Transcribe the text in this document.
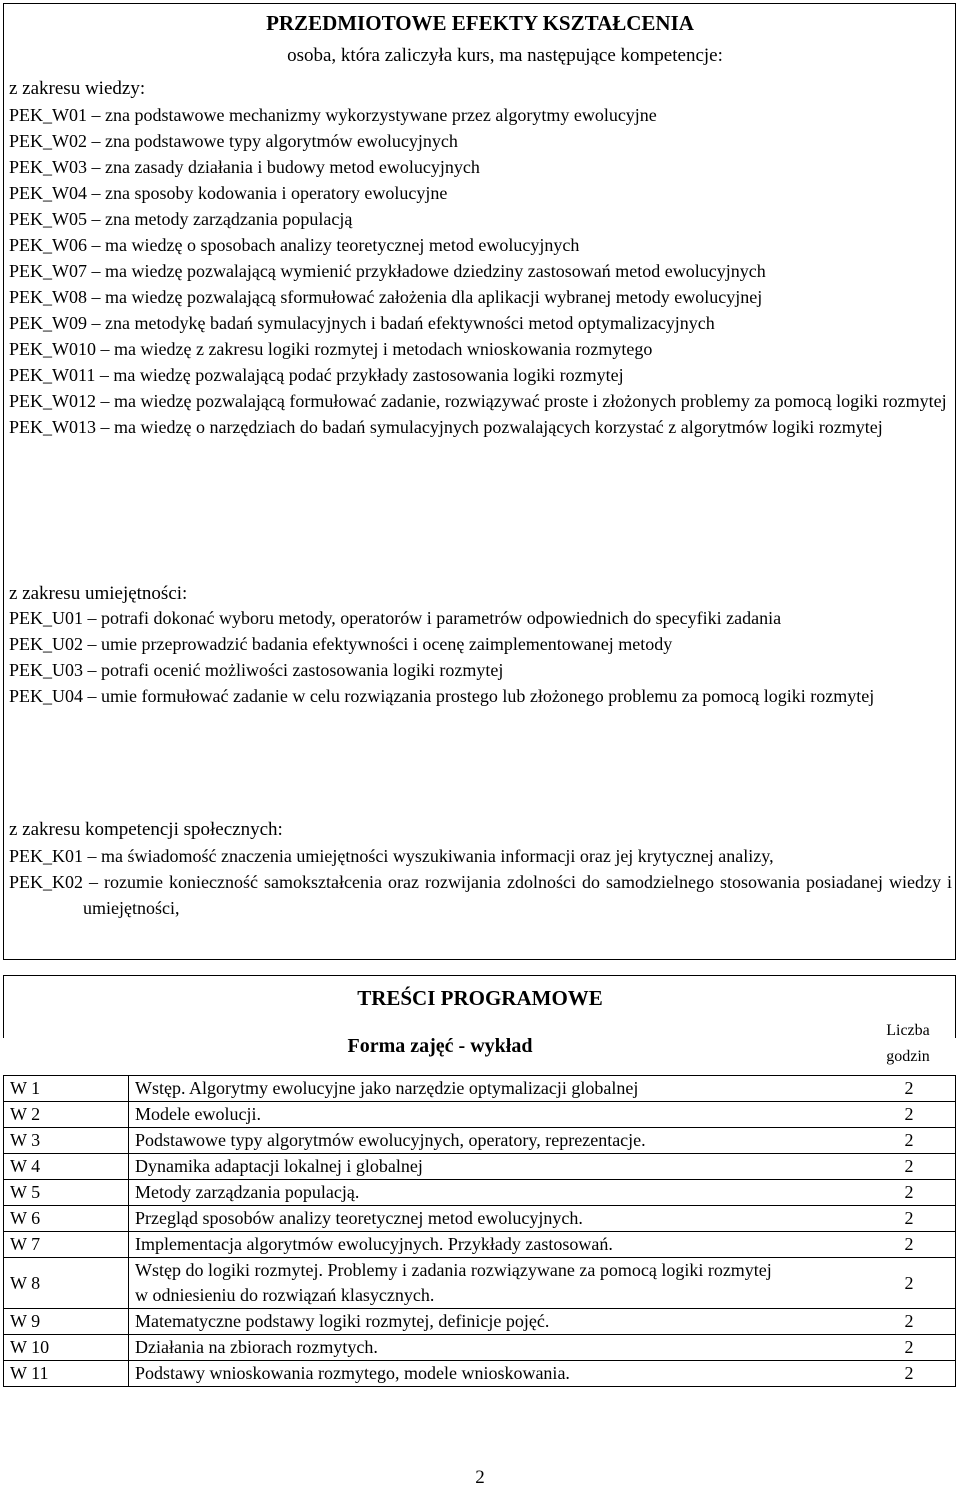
PRZEDMIOTOWE EFEKTY KSZTAŁCENIA
osoba, która zaliczyła kurs, ma następujące kompetencje:
z zakresu wiedzy:
PEK_W01 – zna podstawowe mechanizmy wykorzystywane przez algorytmy ewolucyjne
PEK_W02 – zna podstawowe typy algorytmów ewolucyjnych
PEK_W03 – zna zasady działania i budowy metod ewolucyjnych
PEK_W04 – zna sposoby kodowania i operatory ewolucyjne
PEK_W05 – zna metody zarządzania populacją
PEK_W06 – ma wiedzę o sposobach analizy teoretycznej metod ewolucyjnych
PEK_W07 – ma wiedzę pozwalającą wymienić przykładowe dziedziny zastosowań metod ewolucyjnych
PEK_W08 – ma wiedzę pozwalającą sformułować założenia dla aplikacji wybranej metody ewolucyjnej
PEK_W09 – zna metodykę badań symulacyjnych i badań efektywności metod optymalizacyjnych
PEK_W010 – ma wiedzę z zakresu logiki rozmytej i metodach wnioskowania rozmytego
PEK_W011 – ma wiedzę pozwalającą podać przykłady zastosowania logiki rozmytej
PEK_W012 – ma wiedzę pozwalającą formułować zadanie, rozwiązywać proste i złożonych problemy za pomocą logiki rozmytej
PEK_W013 – ma wiedzę o narzędziach do badań symulacyjnych pozwalających korzystać z algorytmów logiki rozmytej
z zakresu umiejętności:
PEK_U01 – potrafi dokonać wyboru metody, operatorów i parametrów odpowiednich do specyfiki zadania
PEK_U02 – umie przeprowadzić badania efektywności i ocenę zaimplementowanej metody
PEK_U03 – potrafi ocenić możliwości zastosowania logiki rozmytej
PEK_U04 – umie formułować zadanie w celu rozwiązania prostego lub złożonego problemu za pomocą logiki rozmytej
z zakresu kompetencji społecznych:
PEK_K01 – ma świadomość znaczenia umiejętności wyszukiwania informacji oraz jej krytycznej analizy,
PEK_K02 – rozumie konieczność samokształcenia oraz rozwijania zdolności do samodzielnego stosowania posiadanej wiedzy i umiejętności,
TREŚCI PROGRAMOWE
Forma zajęć - wykład
Liczba
godzin
W 1	Wstęp. Algorytmy ewolucyjne jako narzędzie optymalizacji globalnej	2
W 2	Modele ewolucji.	2
W 3	Podstawowe typy algorytmów ewolucyjnych, operatory, reprezentacje.	2
W 4	Dynamika adaptacji lokalnej i globalnej	2
W 5	Metody zarządzania populacją.	2
W 6	Przegląd sposobów analizy teoretycznej metod ewolucyjnych.	2
W 7	Implementacja algorytmów ewolucyjnych. Przykłady zastosowań.	2
W 8	Wstęp do logiki rozmytej. Problemy i zadania rozwiązywane za pomocą logiki rozmytej w odniesieniu do rozwiązań klasycznych.	2
W 9	Matematyczne podstawy logiki rozmytej, definicje pojęć.	2
W 10	Działania na zbiorach rozmytych.	2
W 11	Podstawy wnioskowania rozmytego, modele wnioskowania.	2
2
